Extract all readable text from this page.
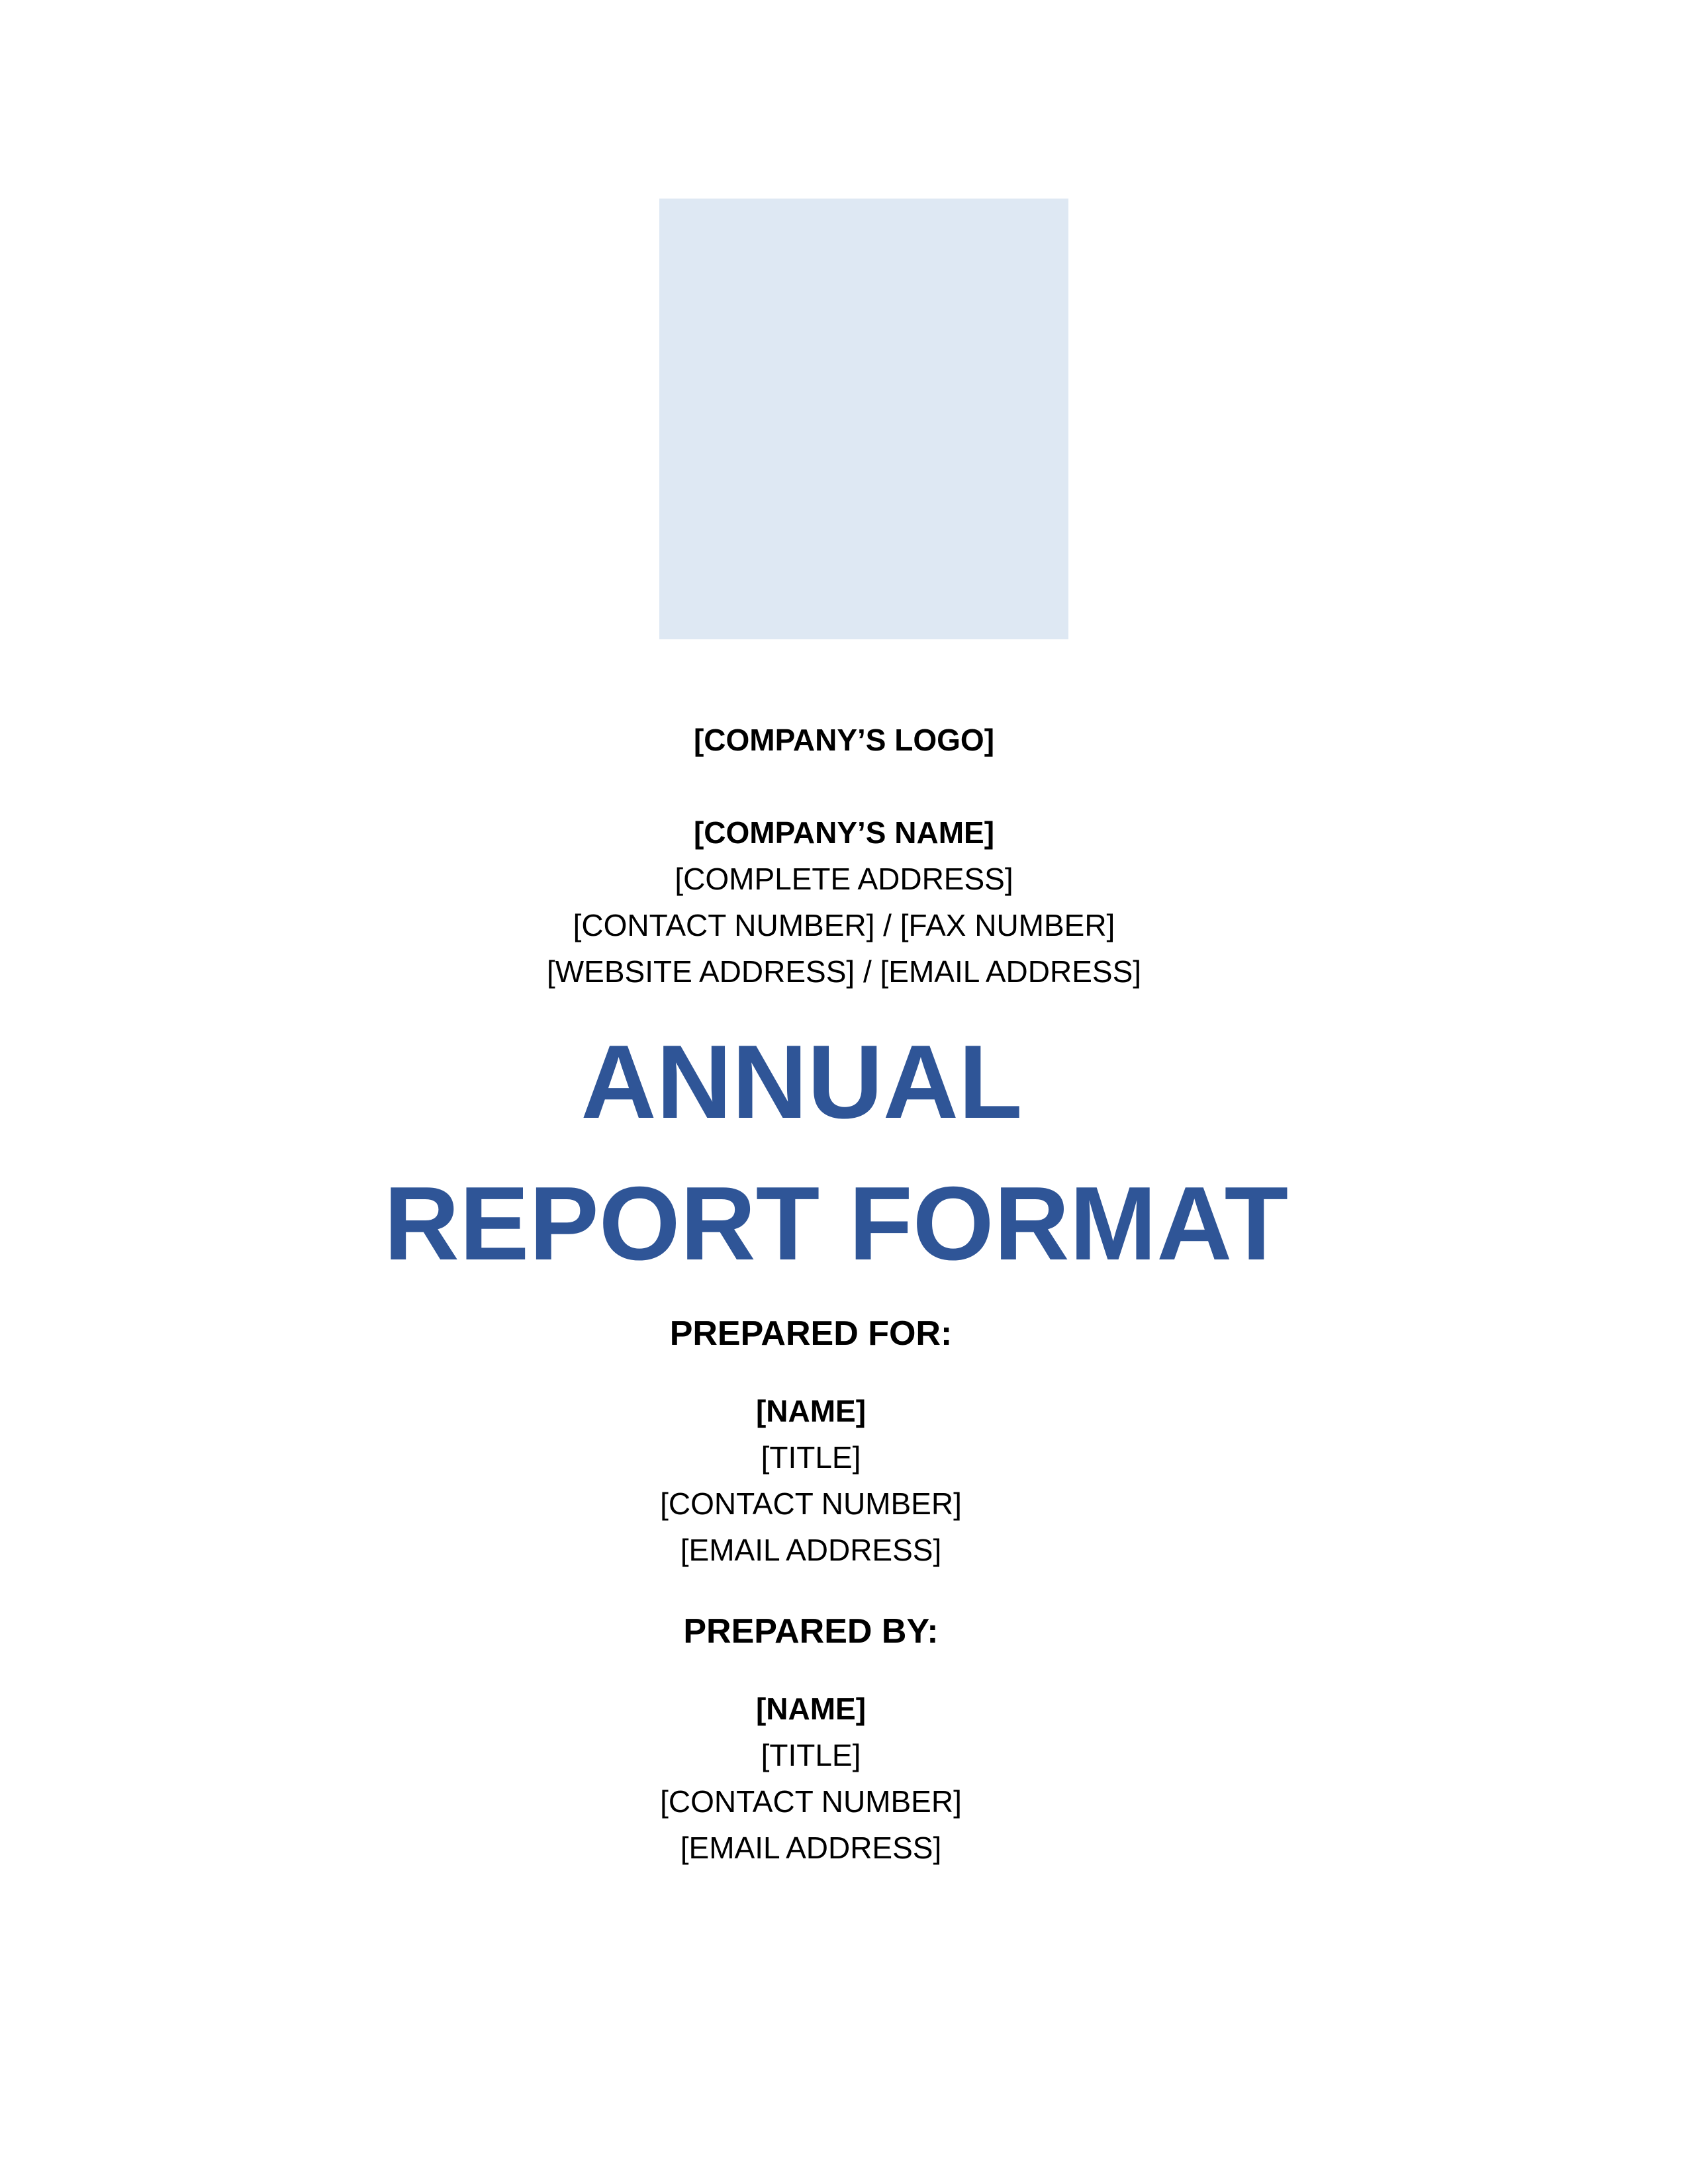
[COMPANY’S LOGO]
[COMPANY’S NAME]
[COMPLETE ADDRESS]
[CONTACT NUMBER] / [FAX NUMBER]
[WEBSITE ADDRESS] / [EMAIL ADDRESS]
ANNUAL
REPORT FORMAT
PREPARED FOR:
[NAME]
[TITLE]
[CONTACT NUMBER]
[EMAIL ADDRESS]
PREPARED BY:
[NAME]
[TITLE]
[CONTACT NUMBER]
[EMAIL ADDRESS]
